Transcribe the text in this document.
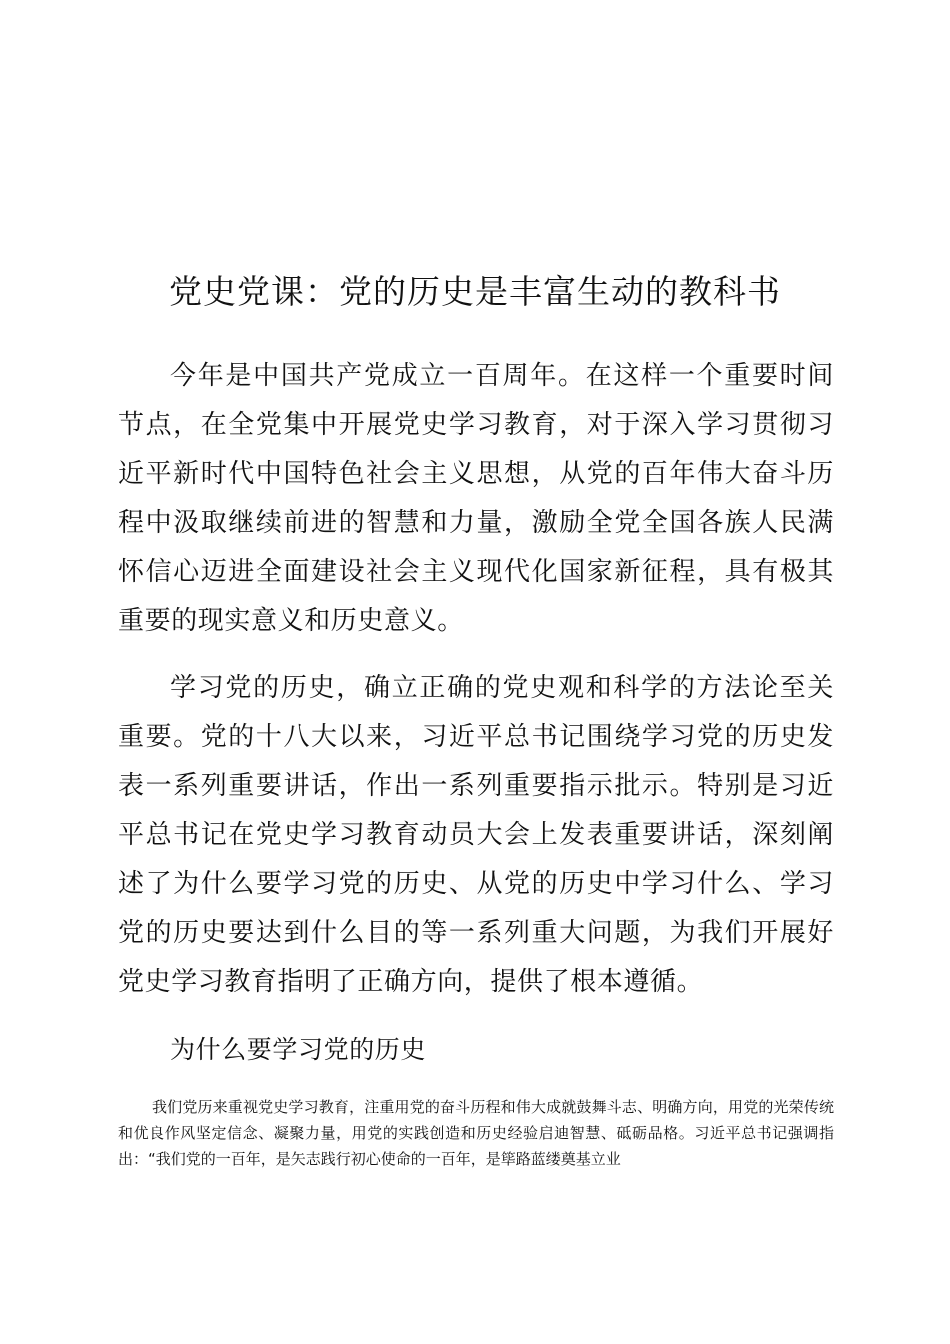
党史党课：党的历史是丰富生动的教科书

今年是中国共产党成立一百周年。在这样一个重要时间节点，在全党集中开展党史学习教育，对于深入学习贯彻习近平新时代中国特色社会主义思想，从党的百年伟大奋斗历程中汲取继续前进的智慧和力量，激励全党全国各族人民满怀信心迈进全面建设社会主义现代化国家新征程，具有极其重要的现实意义和历史意义。

学习党的历史，确立正确的党史观和科学的方法论至关重要。党的十八大以来，习近平总书记围绕学习党的历史发表一系列重要讲话，作出一系列重要指示批示。特别是习近平总书记在党史学习教育动员大会上发表重要讲话，深刻阐述了为什么要学习党的历史、从党的历史中学习什么、学习党的历史要达到什么目的等一系列重大问题，为我们开展好党史学习教育指明了正确方向，提供了根本遵循。

为什么要学习党的历史

我们党历来重视党史学习教育，注重用党的奋斗历程和伟大成就鼓舞斗志、明确方向，用党的光荣传统和优良作风坚定信念、凝聚力量，用党的实践创造和历史经验启迪智慧、砥砺品格。习近平总书记强调指出：“我们党的一百年，是矢志践行初心使命的一百年，是筚路蓝缕奠基立业
